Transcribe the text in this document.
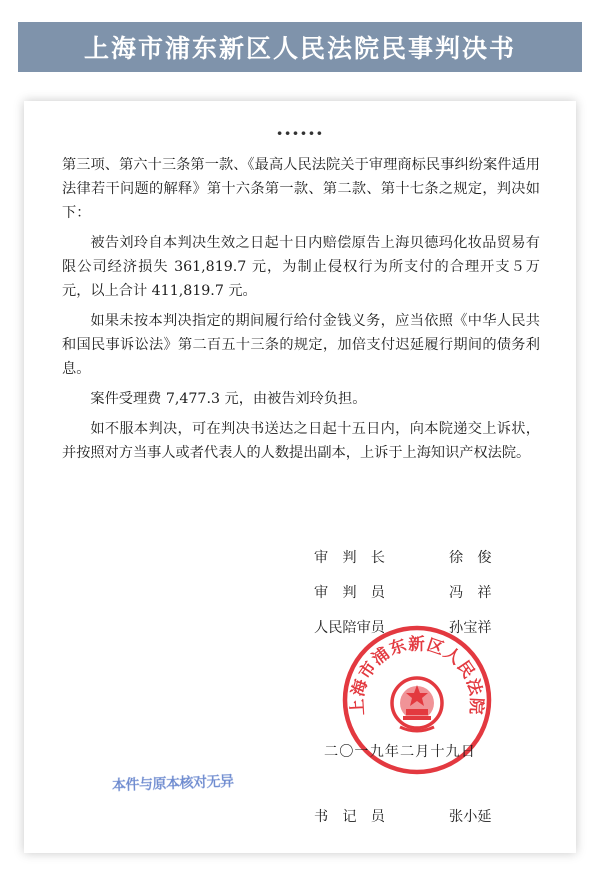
上海市浦东新区人民法院民事判决书
······

第三项、第六十三条第一款、《最高人民法院关于审理商标民事纠纷案件适用法律若干问题的解释》第十六条第一款、第二款、第十七条之规定，判决如下：

被告刘玲自本判决生效之日起十日内赔偿原告上海贝德玛化妆品贸易有限公司经济损失 361,819.7 元，为制止侵权行为所支付的合理开支５万元，以上合计 411,819.7 元。

如果未按本判决指定的期间履行给付金钱义务，应当依照《中华人民共和国民事诉讼法》第二百五十三条的规定，加倍支付迟延履行期间的债务利息。

案件受理费 7,477.3 元，由被告刘玲负担。

如不服本判决，可在判决书送达之日起十五日内，向本院递交上诉状，并按照对方当事人或者代表人的人数提出副本，上诉于上海知识产权法院。

审　判　长	徐　俊
审　判　员	冯　祥
人民陪审员	孙宝祥
上海市浦东新区人民法院
二〇一九年二月十九日
本件与原本核对无异
书　记　员	张小延
